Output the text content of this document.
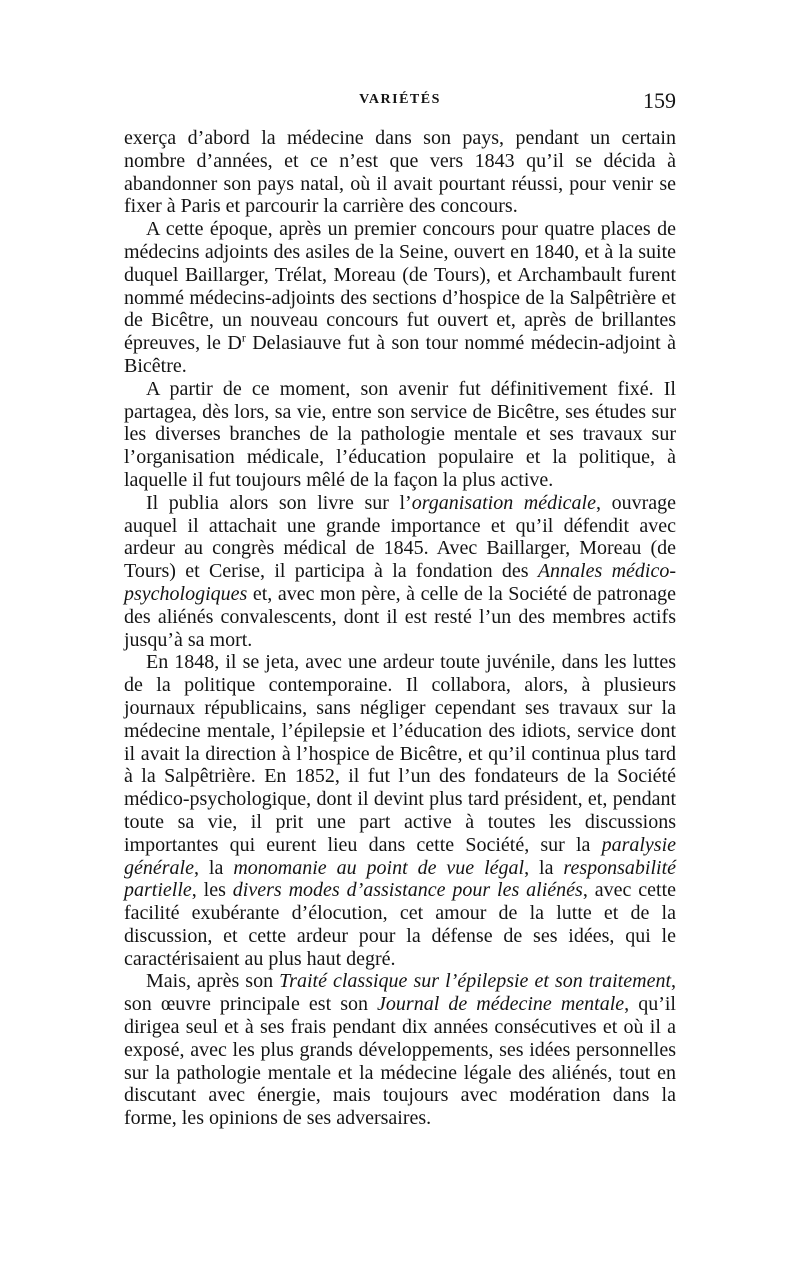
VARIÉTÉS	159

exerça d’abord la médecine dans son pays, pendant un certain nombre d’années, et ce n’est que vers 1843 qu’il se décida à abandonner son pays natal, où il avait pourtant réussi, pour venir se fixer à Paris et parcourir la carrière des concours.

A cette époque, après un premier concours pour quatre places de médecins adjoints des asiles de la Seine, ouvert en 1840, et à la suite duquel Baillarger, Trélat, Moreau (de Tours), et Archambault furent nommé médecins-adjoints des sections d’hospice de la Salpêtrière et de Bicêtre, un nouveau concours fut ouvert et, après de brillantes épreuves, le $D^r$ Delasiauve fut à son tour nommé médecin-adjoint à Bicêtre.

A partir de ce moment, son avenir fut définitivement fixé. Il partagea, dès lors, sa vie, entre son service de Bicêtre, ses études sur les diverses branches de la pathologie mentale et ses travaux sur l’organisation médicale, l’éducation populaire et la politique, à laquelle il fut toujours mêlé de la façon la plus active.

Il publia alors son livre sur l’organisation médicale, ouvrage auquel il attachait une grande importance et qu’il défendit avec ardeur au congrès médical de 1845. Avec Baillarger, Moreau (de Tours) et Cerise, il participa à la fondation des Annales médico-psychologiques et, avec mon père, à celle de la Société de patronage des aliénés convalescents, dont il est resté l’un des membres actifs jusqu’à sa mort.

En 1848, il se jeta, avec une ardeur toute juvénile, dans les luttes de la politique contemporaine. Il collabora, alors, à plusieurs journaux républicains, sans négliger cependant ses travaux sur la médecine mentale, l’épilepsie et l’éducation des idiots, service dont il avait la direction à l’hospice de Bicêtre, et qu’il continua plus tard à la Salpêtrière. En 1852, il fut l’un des fondateurs de la Société médico-psychologique, dont il devint plus tard président, et, pendant toute sa vie, il prit une part active à toutes les discussions importantes qui eurent lieu dans cette Société, sur la paralysie générale, la monomanie au point de vue légal, la responsabilité partielle, les divers modes d’assistance pour les aliénés, avec cette facilité exubérante d’élocution, cet amour de la lutte et de la discussion, et cette ardeur pour la défense de ses idées, qui le caractérisaient au plus haut degré.

Mais, après son Traité classique sur l’épilepsie et son traitement, son œuvre principale est son Journal de médecine mentale, qu’il dirigea seul et à ses frais pendant dix années consécutives et où il a exposé, avec les plus grands développements, ses idées personnelles sur la pathologie mentale et la médecine légale des aliénés, tout en discutant avec énergie, mais toujours avec modération dans la forme, les opinions de ses adversaires.
